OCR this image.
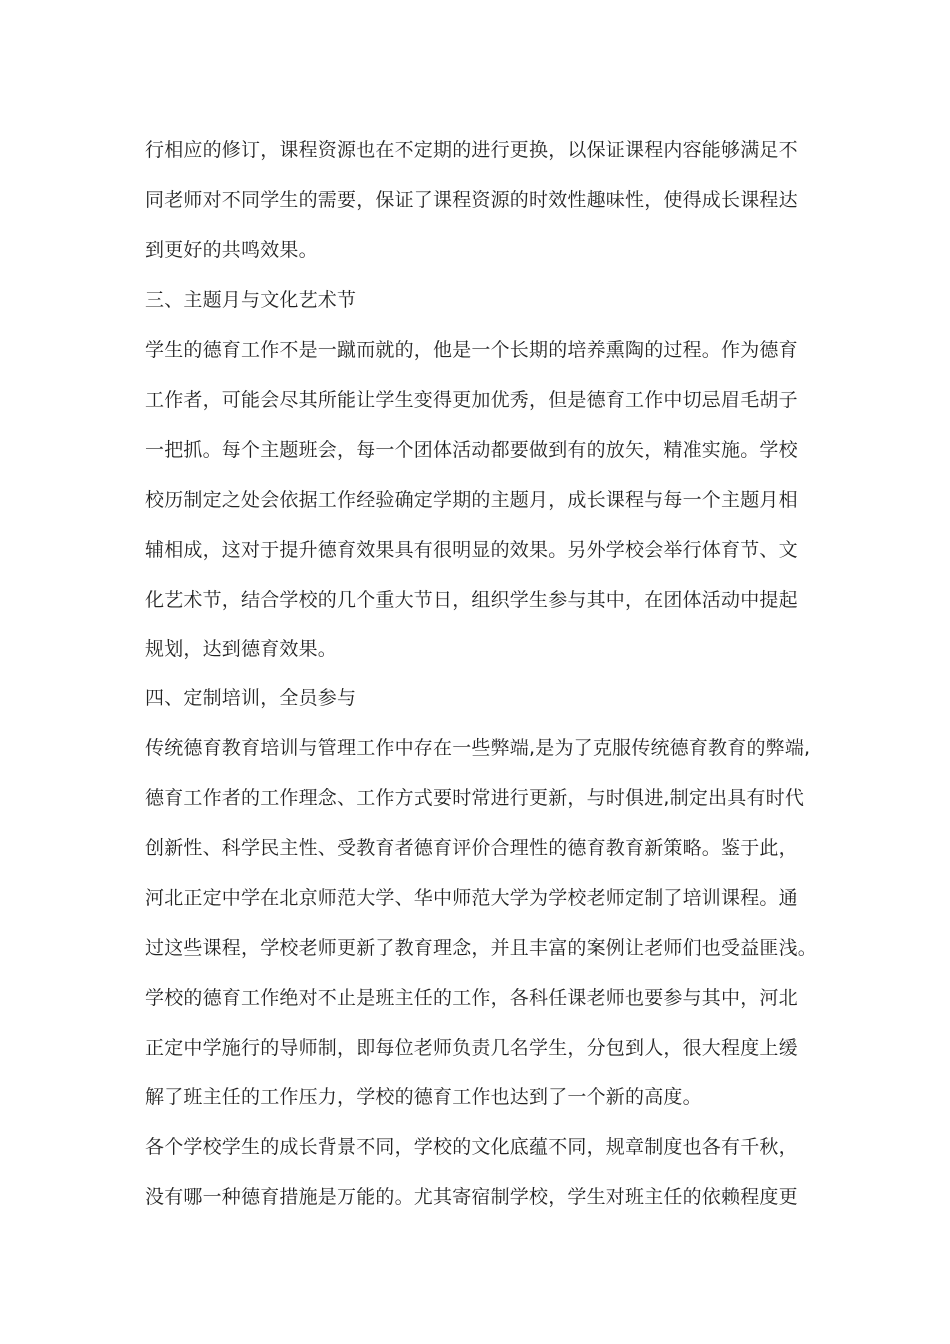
行相应的修订，课程资源也在不定期的进行更换，以保证课程内容能够满足不
同老师对不同学生的需要，保证了课程资源的时效性趣味性，使得成长课程达
到更好的共鸣效果。
三、主题月与文化艺术节
学生的德育工作不是一蹴而就的，他是一个长期的培养熏陶的过程。作为德育
工作者，可能会尽其所能让学生变得更加优秀，但是德育工作中切忌眉毛胡子
一把抓。每个主题班会，每一个团体活动都要做到有的放矢，精准实施。学校
校历制定之处会依据工作经验确定学期的主题月，成长课程与每一个主题月相
辅相成，这对于提升德育效果具有很明显的效果。另外学校会举行体育节、文
化艺术节，结合学校的几个重大节日，组织学生参与其中，在团体活动中提起
规划，达到德育效果。
四、定制培训，全员参与
传统德育教育培训与管理工作中存在一些弊端,是为了克服传统德育教育的弊端,
德育工作者的工作理念、工作方式要时常进行更新，与时俱进,制定出具有时代
创新性、科学民主性、受教育者德育评价合理性的德育教育新策略。鉴于此，
河北正定中学在北京师范大学、华中师范大学为学校老师定制了培训课程。通
过这些课程，学校老师更新了教育理念，并且丰富的案例让老师们也受益匪浅。
学校的德育工作绝对不止是班主任的工作，各科任课老师也要参与其中，河北
正定中学施行的导师制，即每位老师负责几名学生，分包到人，很大程度上缓
解了班主任的工作压力，学校的德育工作也达到了一个新的高度。
各个学校学生的成长背景不同，学校的文化底蕴不同，规章制度也各有千秋，
没有哪一种德育措施是万能的。尤其寄宿制学校，学生对班主任的依赖程度更
